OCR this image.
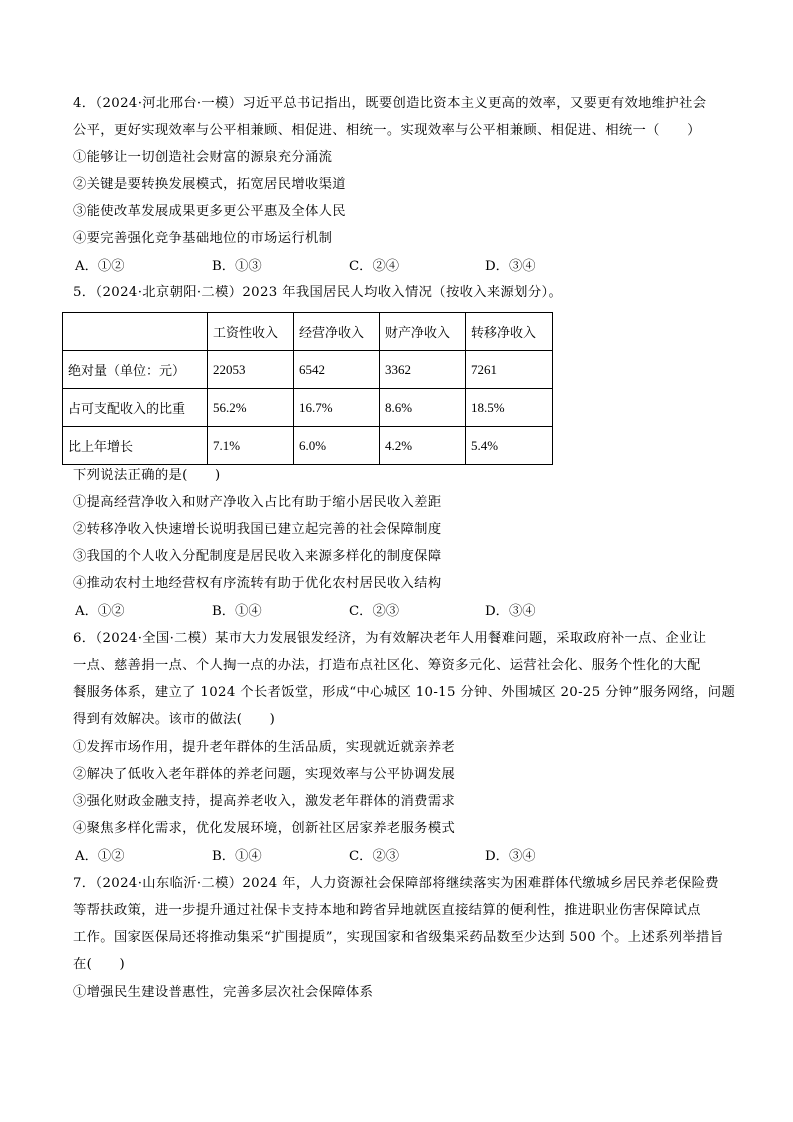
4．（2024·河北邢台·一模）习近平总书记指出，既要创造比资本主义更高的效率，又要更有效地维护社会
公平，更好实现效率与公平相兼顾、相促进、相统一。实现效率与公平相兼顾、相促进、相统一（　　）
①能够让一切创造社会财富的源泉充分涌流
②关键是要转换发展模式，拓宽居民增收渠道
③能使改革发展成果更多更公平惠及全体人民
④要完善强化竞争基础地位的市场运行机制
A．①②	B．①③	C．②④	D．③④
5．（2024·北京朝阳·二模）2023 年我国居民人均收入情况（按收入来源划分）。
	工资性收入	经营净收入	财产净收入	转移净收入
绝对量（单位：元）	22053	6542	3362	7261
占可支配收入的比重	56.2%	16.7%	8.6%	18.5%
比上年增长	7.1%	6.0%	4.2%	5.4%
下列说法正确的是(　　)
①提高经营净收入和财产净收入占比有助于缩小居民收入差距
②转移净收入快速增长说明我国已建立起完善的社会保障制度
③我国的个人收入分配制度是居民收入来源多样化的制度保障
④推动农村土地经营权有序流转有助于优化农村居民收入结构
A．①②	B．①④	C．②③	D．③④
6．（2024·全国·二模）某市大力发展银发经济，为有效解决老年人用餐难问题，采取政府补一点、企业让
一点、慈善捐一点、个人掏一点的办法，打造布点社区化、筹资多元化、运营社会化、服务个性化的大配
餐服务体系，建立了 1024 个长者饭堂，形成“中心城区 10-15 分钟、外围城区 20-25 分钟”服务网络，问题
得到有效解决。该市的做法(　　)
①发挥市场作用，提升老年群体的生活品质，实现就近就亲养老
②解决了低收入老年群体的养老问题，实现效率与公平协调发展
③强化财政金融支持，提高养老收入，激发老年群体的消费需求
④聚焦多样化需求，优化发展环境，创新社区居家养老服务模式
A．①②	B．①④	C．②③	D．③④
7．（2024·山东临沂·二模）2024 年，人力资源社会保障部将继续落实为困难群体代缴城乡居民养老保险费
等帮扶政策，进一步提升通过社保卡支持本地和跨省异地就医直接结算的便利性，推进职业伤害保障试点
工作。国家医保局还将推动集采“扩围提质”，实现国家和省级集采药品数至少达到 500 个。上述系列举措旨
在(　　)
①增强民生建设普惠性，完善多层次社会保障体系
